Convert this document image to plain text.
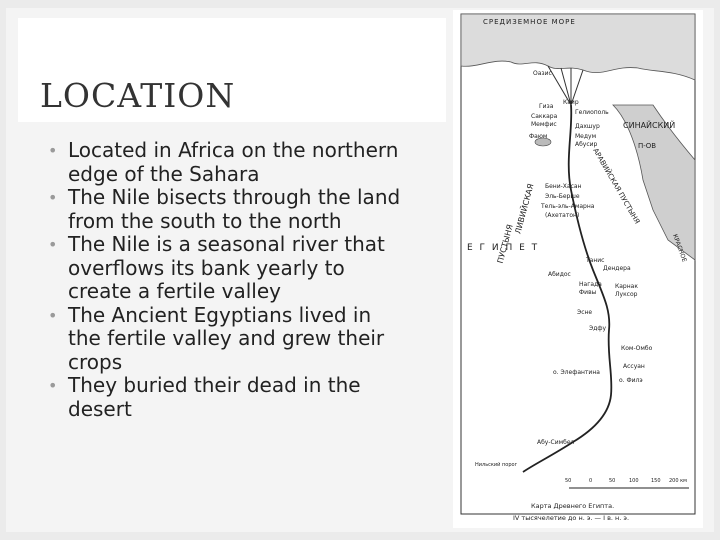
LOCATION
• Located in Africa on the northern edge of the Sahara
• The Nile bisects through the land from the south to the north
• The Nile is a seasonal river that overflows its bank yearly to create a fertile valley
• The Ancient Egyptians lived in the fertile valley and grew their crops
• They buried their dead in the desert
СРЕДИЗЕМНОЕ МОРЕ
СИНАЙСКИЙ
П-ОВ
КРАСНОЕ
ЛИВИЙСКАЯ
ПУСТЫНЯ
АРАВИЙСКАЯ ПУСТЫНЯ
Е Г И П Е Т
Оазис
Гиза
Каир
Гелиополь
Саккара
Мемфис	Дахшур
Медум
Абусир
Фаюм
Бени-Хасан
Эль-Берше
Тель-эль-Амарна
(Ахетатон)
Абидос
Танис
Дендера
Нагада
Фивы
Карнак
Луксор
Эсне
Эдфу
Ком-Омбо
о. Элефантина
Ассуан
о. Филэ
Абу-Симбел
Нильский порог
50	0	50	100 150 200 км
Карта Древнего Египта.
IV тысячелетие до н. э. — I в. н. э.
